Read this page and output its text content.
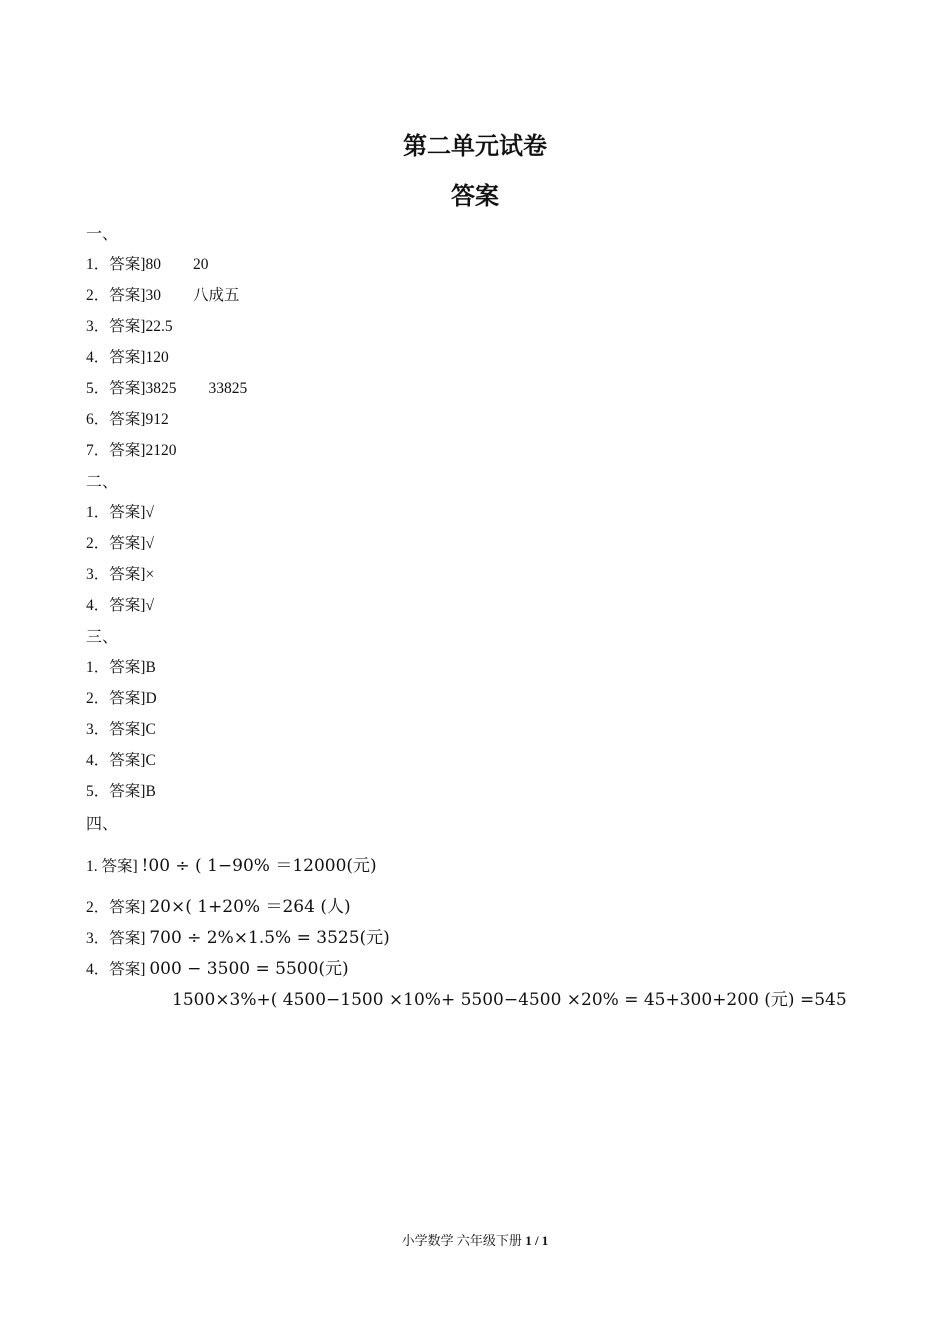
第二单元试卷
答案
一、
1．答案]80 20
2．答案]30 八成五
3．答案]22.5
4．答案]120
5．答案]3825 33825
6．答案]912
7．答案]2120
二、
1．答案]√
2．答案]√
3．答案]×
4．答案]√
三、
1．答案]B
2．答案]D
3．答案]C
4．答案]C
5．答案]B
四、
1. 答案] !00 ÷ ( 1−90% ＝12000(元)
2．答案] 20×( 1+20% ＝264 (人)
3．答案] 700 ÷ 2%×1.5% = 3525(元)
4．答案] 000 − 3500 = 5500(元)
1500×3%+( 4500−1500 ×10%+ 5500−4500 ×20% = 45+300+200 (元) =545
小学数学 六年级下册 1 / 1
